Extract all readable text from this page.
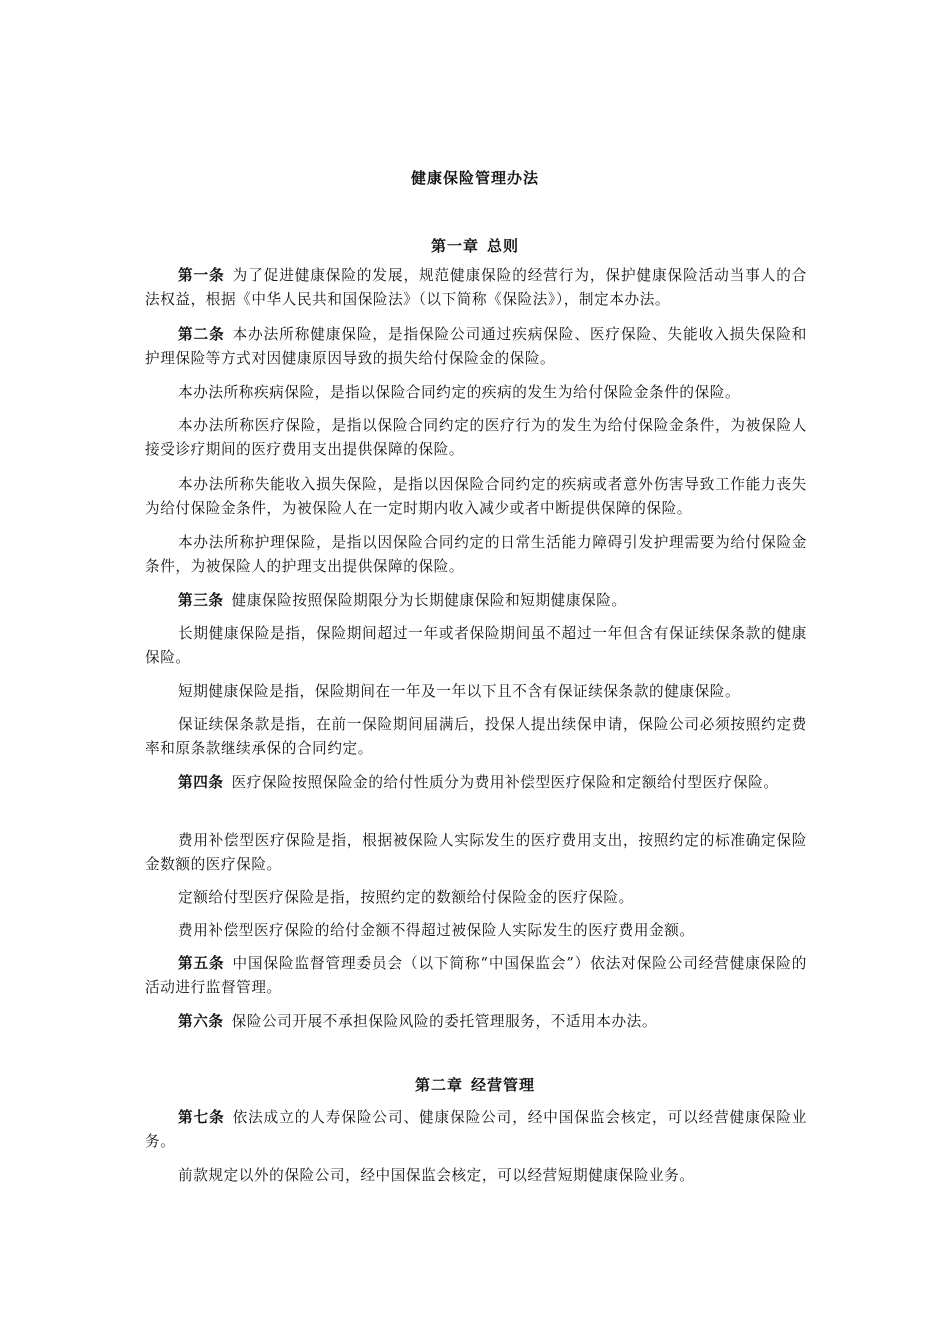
健康保险管理办法
第一章 总则

第一条 为了促进健康保险的发展，规范健康保险的经营行为，保护健康保险活动当事人的合法权益，根据《中华人民共和国保险法》（以下简称《保险法》），制定本办法。

第二条 本办法所称健康保险，是指保险公司通过疾病保险、医疗保险、失能收入损失保险和护理保险等方式对因健康原因导致的损失给付保险金的保险。

本办法所称疾病保险，是指以保险合同约定的疾病的发生为给付保险金条件的保险。

本办法所称医疗保险，是指以保险合同约定的医疗行为的发生为给付保险金条件，为被保险人接受诊疗期间的医疗费用支出提供保障的保险。

本办法所称失能收入损失保险，是指以因保险合同约定的疾病或者意外伤害导致工作能力丧失为给付保险金条件，为被保险人在一定时期内收入减少或者中断提供保障的保险。

本办法所称护理保险，是指以因保险合同约定的日常生活能力障碍引发护理需要为给付保险金条件，为被保险人的护理支出提供保障的保险。

第三条 健康保险按照保险期限分为长期健康保险和短期健康保险。

长期健康保险是指，保险期间超过一年或者保险期间虽不超过一年但含有保证续保条款的健康保险。

短期健康保险是指，保险期间在一年及一年以下且不含有保证续保条款的健康保险。

保证续保条款是指，在前一保险期间届满后，投保人提出续保申请，保险公司必须按照约定费率和原条款继续承保的合同约定。

第四条 医疗保险按照保险金的给付性质分为费用补偿型医疗保险和定额给付型医疗保险。

费用补偿型医疗保险是指，根据被保险人实际发生的医疗费用支出，按照约定的标准确定保险金数额的医疗保险。

定额给付型医疗保险是指，按照约定的数额给付保险金的医疗保险。

费用补偿型医疗保险的给付金额不得超过被保险人实际发生的医疗费用金额。

第五条 中国保险监督管理委员会（以下简称“中国保监会”）依法对保险公司经营健康保险的活动进行监督管理。

第六条 保险公司开展不承担保险风险的委托管理服务，不适用本办法。

第二章 经营管理

第七条 依法成立的人寿保险公司、健康保险公司，经中国保监会核定，可以经营健康保险业务。

前款规定以外的保险公司，经中国保监会核定，可以经营短期健康保险业务。
